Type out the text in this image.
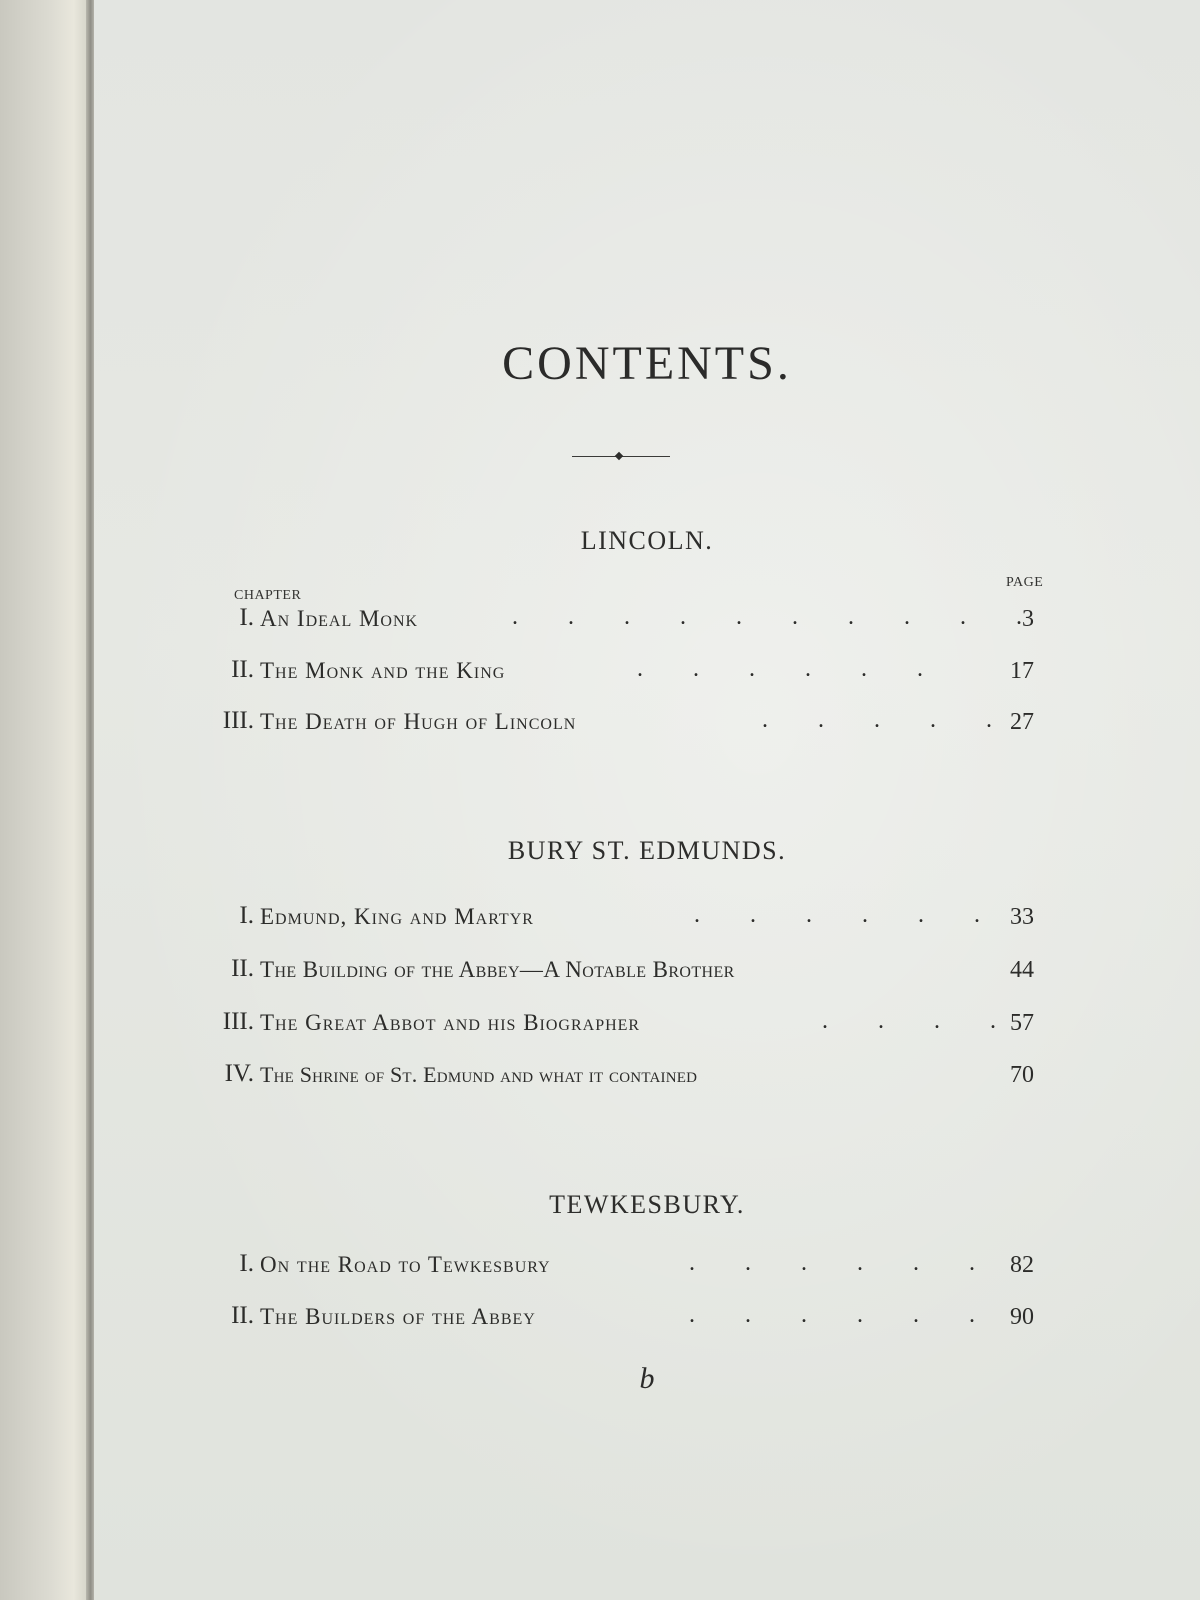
CONTENTS.
LINCOLN.
CHAPTER
PAGE
I. An Ideal Monk	. . . . . . . . . . 3
II. The Monk and the King	. . . . . .	17
III. The Death of Hugh of Lincoln	. . . . . 27
BURY ST. EDMUNDS.
I. Edmund, King and Martyr	. . . . . .	33
II. The Building of the Abbey—A Notable Brother	44
III. The Great Abbot and his Biographer	. . . . 57
IV. The Shrine of St. Edmund and what it contained	70
TEWKESBURY.
I. On the Road to Tewkesbury	. . . . . .	82
II. The Builders of the Abbey	. . . . . .	90
b
